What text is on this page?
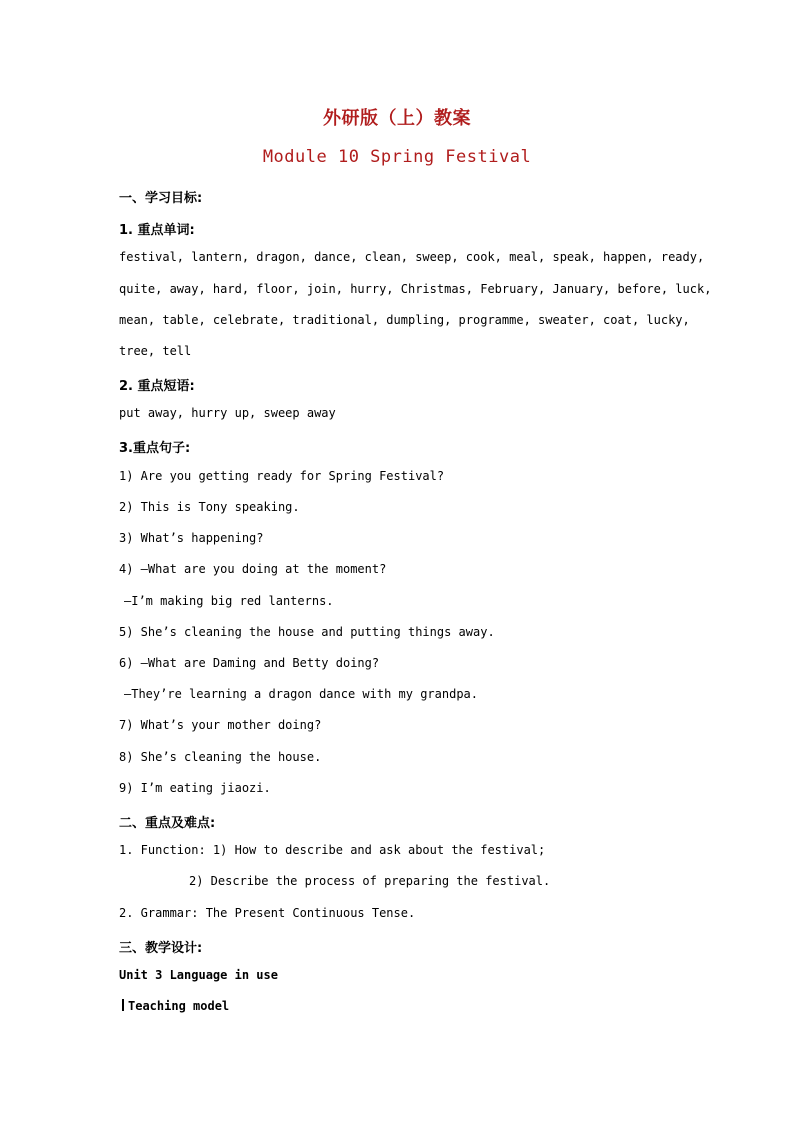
外研版（上）教案
Module 10 Spring Festival
一、学习目标:
1. 重点单词:
festival, lantern, dragon, dance, clean, sweep, cook, meal, speak, happen, ready,
quite, away, hard, floor, join, hurry, Christmas, February, January, before, luck,
mean, table, celebrate, traditional, dumpling, programme, sweater, coat, lucky,
tree, tell
2. 重点短语:
put away, hurry up, sweep away
3.重点句子:
1) Are you getting ready for Spring Festival?
2) This is Tony speaking.
3) What’s happening?
4) —What are you doing at the moment?
—I’m making big red lanterns.
5) She’s cleaning the house and putting things away.
6) —What are Daming and Betty doing?
—They’re learning a dragon dance with my grandpa.
7) What’s your mother doing?
8) She’s cleaning the house.
9) I’m eating jiaozi.
二、重点及难点:
1. Function: 1) How to describe and ask about the festival;
2) Describe the process of preparing the festival.
2. Grammar: The Present Continuous Tense.
三、教学设计:
Unit 3 Language in use
Teaching model
